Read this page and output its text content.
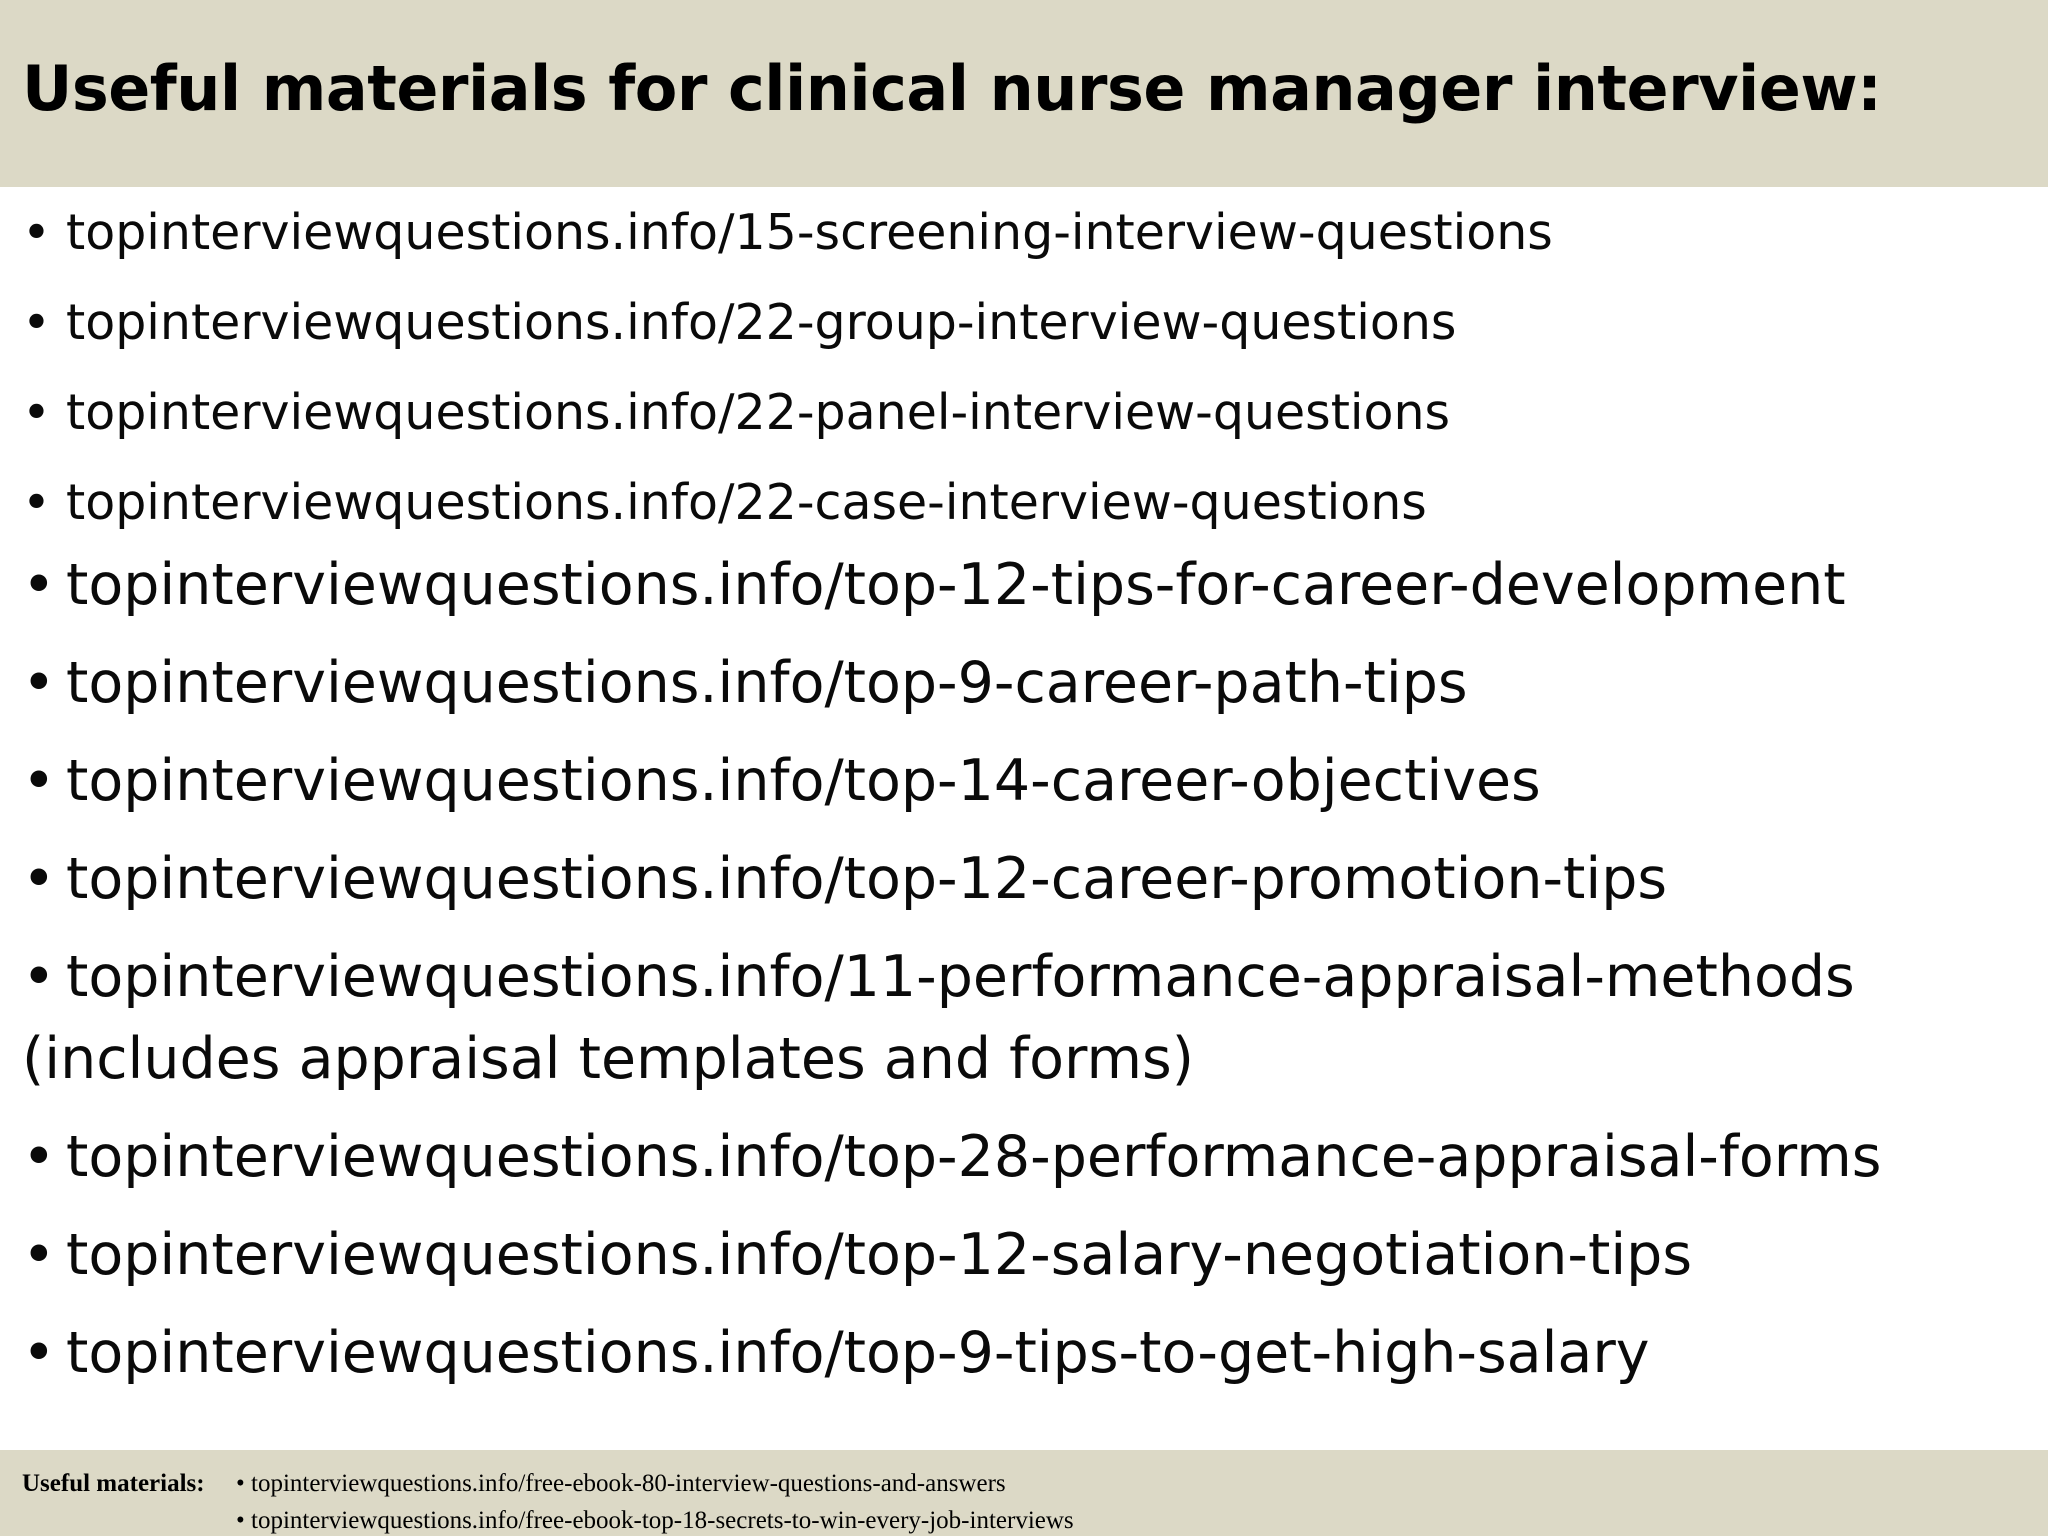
Useful materials for clinical nurse manager interview:
• topinterviewquestions.info/15-screening-interview-questions
• topinterviewquestions.info/22-group-interview-questions
• topinterviewquestions.info/22-panel-interview-questions
• topinterviewquestions.info/22-case-interview-questions
• topinterviewquestions.info/top-12-tips-for-career-development
• topinterviewquestions.info/top-9-career-path-tips
• topinterviewquestions.info/top-14-career-objectives
• topinterviewquestions.info/top-12-career-promotion-tips
• topinterviewquestions.info/11-performance-appraisal-methods
• topinterviewquestions.info/top-28-performance-appraisal-forms
• topinterviewquestions.info/top-12-salary-negotiation-tips
• topinterviewquestions.info/top-9-tips-to-get-high-salary
(includes appraisal templates and forms)
Useful materials: • topinterviewquestions.info/free-ebook-80-interview-questions-and-answers
• topinterviewquestions.info/free-ebook-top-18-secrets-to-win-every-job-interviews
